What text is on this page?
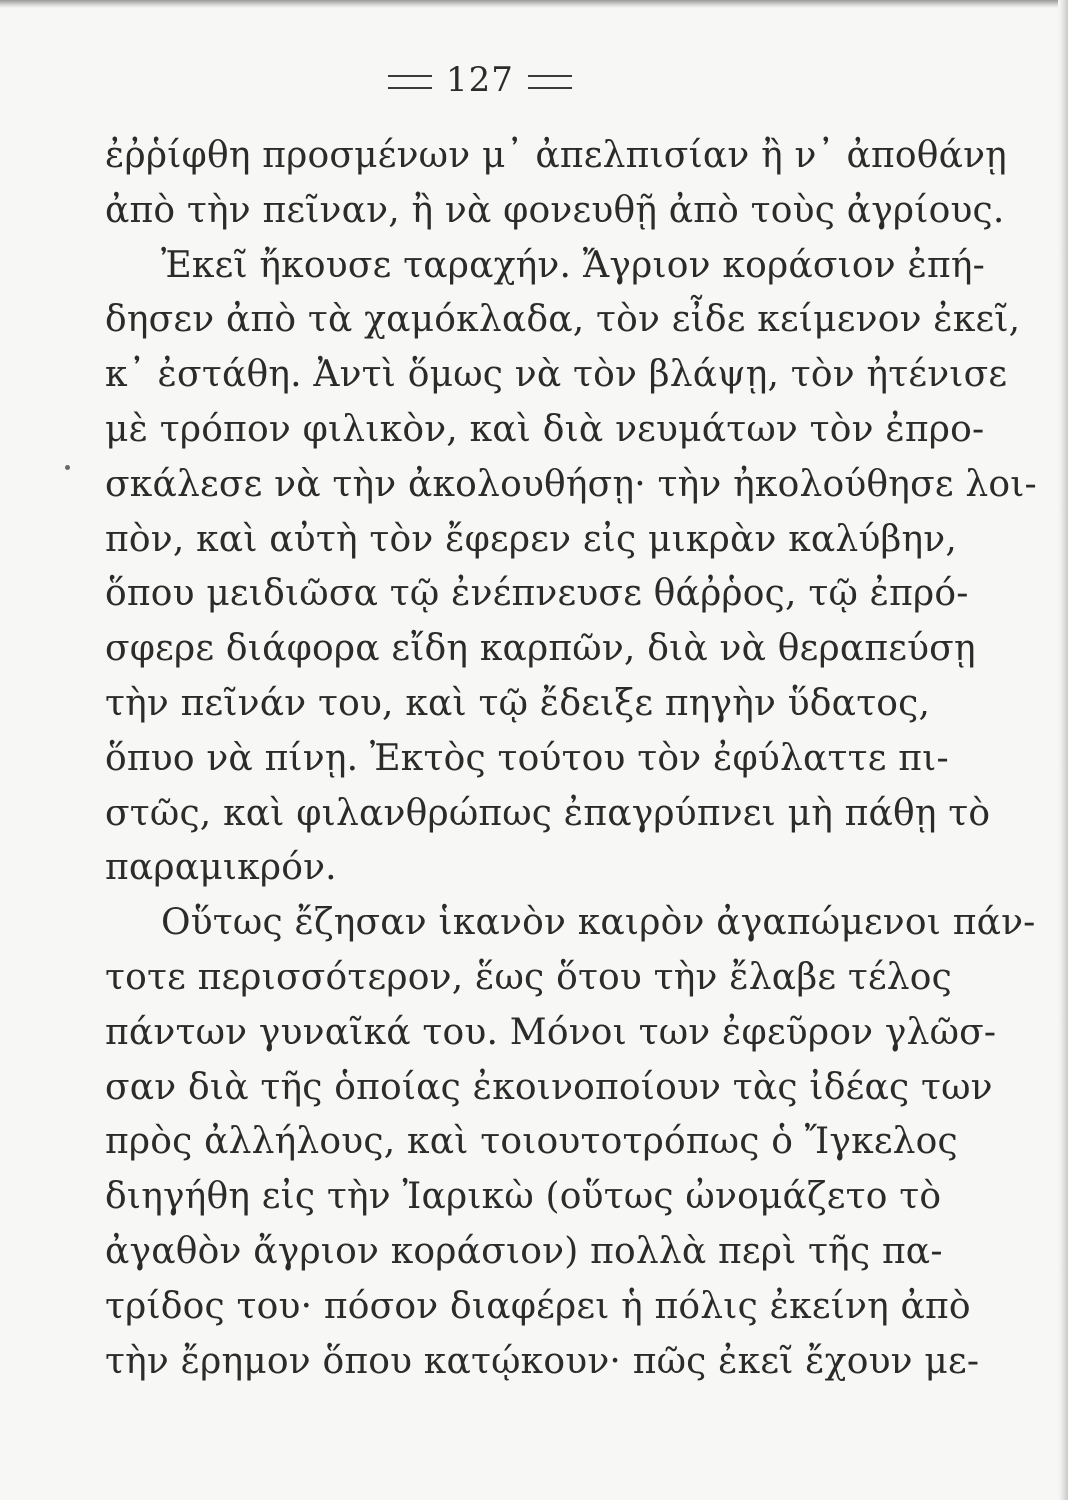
127
ἐῤῥίφθη προσμένων μ᾽ ἀπελπισίαν ἢ ν᾽ ἀποθάνῃ
ἀπὸ τὴν πεῖναν, ἢ νὰ φονευθῇ ἀπὸ τοὺς ἀγρίους.
Ἐκεῖ ἤκουσε ταραχήν. Ἄγριον κοράσιον ἐπή-
δησεν ἀπὸ τὰ χαμόκλαδα, τὸν εἶδε κείμενον ἐκεῖ,
κ᾽ ἐστάθη. Ἀντὶ ὅμως νὰ τὸν βλάψῃ, τὸν ἠτένισε
μὲ τρόπον φιλικὸν, καὶ διὰ νευμάτων τὸν ἐπρο-
σκάλεσε νὰ τὴν ἀκολουθήσῃ· τὴν ἠκολούθησε λοι-
πὸν, καὶ αὐτὴ τὸν ἔφερεν εἰς μικρὰν καλύβην,
ὅπου μειδιῶσα τῷ ἐνέπνευσε θάῤῥος, τῷ ἐπρό-
σφερε διάφορα εἴδη καρπῶν, διὰ νὰ θεραπεύσῃ
τὴν πεῖνάν του, καὶ τῷ ἔδειξε πηγὴν ὕδατος,
ὅπυο νὰ πίνῃ. Ἐκτὸς τούτου τὸν ἐφύλαττε πι-
στῶς, καὶ φιλανθρώπως ἐπαγρύπνει μὴ πάθῃ τὸ
παραμικρόν.
Οὕτως ἔζησαν ἱκανὸν καιρὸν ἀγαπώμενοι πάν-
τοτε περισσότερον, ἕως ὅτου τὴν ἔλαβε τέλος
πάντων γυναῖκά του. Μόνοι των ἐφεῦρον γλῶσ-
σαν διὰ τῆς ὁποίας ἐκοινοποίουν τὰς ἰδέας των
πρὸς ἀλλήλους, καὶ τοιουτοτρόπως ὁ Ἴγκελος
διηγήθη εἰς τὴν Ἰαρικὼ (οὕτως ὠνομάζετο τὸ
ἀγαθὸν ἄγριον κοράσιον) πολλὰ περὶ τῆς πα-
τρίδος του· πόσον διαφέρει ἡ πόλις ἐκείνη ἀπὸ
τὴν ἔρημον ὅπου κατῴκουν· πῶς ἐκεῖ ἔχουν με-
